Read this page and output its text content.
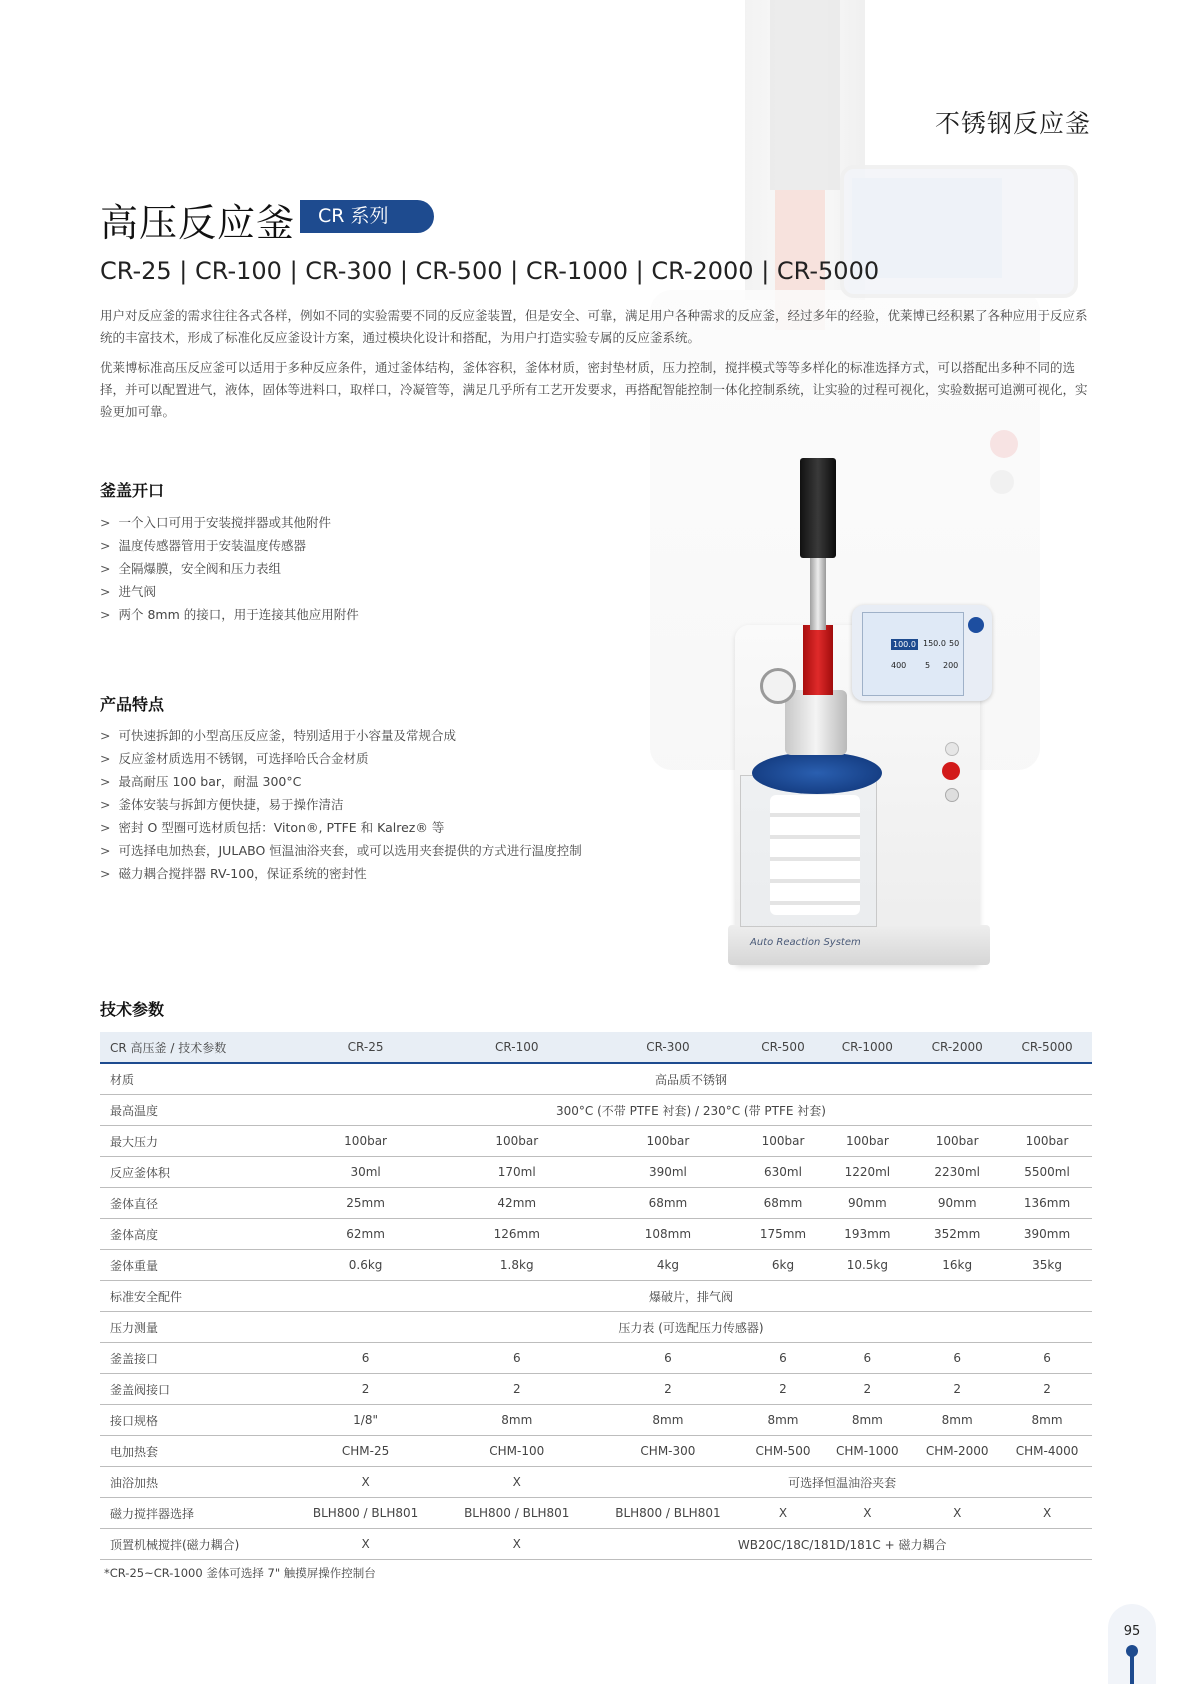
Auto Reaction System
100.0 150.0 50
400 5 200
不锈钢反应釜
高压反应釜	CR 系列
CR-25 | CR-100 | CR-300 | CR-500 | CR-1000 | CR-2000 | CR-5000
用户对反应釜的需求往往各式各样，例如不同的实验需要不同的反应釜装置，但是安全、可靠，满足用户各种需求的反应釜，经过多年的经验，优莱博已经积累了各种应用于反应系统的丰富技术，形成了标准化反应釜设计方案，通过模块化设计和搭配，为用户打造实验专属的反应釜系统。
优莱博标准高压反应釜可以适用于多种反应条件，通过釜体结构，釜体容积，釜体材质，密封垫材质，压力控制，搅拌模式等等多样化的标准选择方式，可以搭配出多种不同的选择，并可以配置进气，液体，固体等进料口，取样口，冷凝管等，满足几乎所有工艺开发要求，再搭配智能控制一体化控制系统，让实验的过程可视化，实验数据可追溯可视化，实验更加可靠。
釜盖开口
> 一个入口可用于安装搅拌器或其他附件
> 温度传感器管用于安装温度传感器
> 全隔爆膜，安全阀和压力表组
> 进气阀
> 两个 8mm 的接口，用于连接其他应用附件
产品特点
> 可快速拆卸的小型高压反应釜，特别适用于小容量及常规合成
> 反应釜材质选用不锈钢，可选择哈氏合金材质
> 最高耐压 100 bar，耐温 300°C
> 釜体安装与拆卸方便快捷，易于操作清洁
> 密封 O 型圈可选材质包括：Viton®, PTFE 和 Kalrez® 等
> 可选择电加热套，JULABO 恒温油浴夹套，或可以选用夹套提供的方式进行温度控制
> 磁力耦合搅拌器 RV-100，保证系统的密封性
技术参数
CR 高压釜 / 技术参数	CR-25	CR-100	CR-300	CR-500	CR-1000	CR-2000	CR-5000
材质	高品质不锈钢						
最高温度	300°C (不带 PTFE 衬套) / 230°C (带 PTFE 衬套)						
最大压力	100bar	100bar	100bar	100bar	100bar	100bar	100bar
反应釜体积	30ml	170ml	390ml	630ml	1220ml	2230ml	5500ml
釜体直径	25mm	42mm	68mm	68mm	90mm	90mm	136mm
釜体高度	62mm	126mm	108mm	175mm	193mm	352mm	390mm
釜体重量	0.6kg	1.8kg	4kg	6kg	10.5kg	16kg	35kg
标准安全配件	爆破片，排气阀						
压力测量	压力表 (可选配压力传感器)						
釜盖接口	6	6	6	6	6	6	6
釜盖阀接口	2	2	2	2	2	2	2
接口规格	1/8"	8mm	8mm	8mm	8mm	8mm	8mm
电加热套	CHM-25	CHM-100	CHM-300	CHM-500	CHM-1000	CHM-2000	CHM-4000
油浴加热	X	X	可选择恒温油浴夹套				
磁力搅拌器选择	BLH800 / BLH801	BLH800 / BLH801	BLH800 / BLH801	X	X	X	X
顶置机械搅拌(磁力耦合)	X	X	WB20C/18C/181D/181C + 磁力耦合				
*CR-25~CR-1000 釜体可选择 7" 触摸屏操作控制台
95
